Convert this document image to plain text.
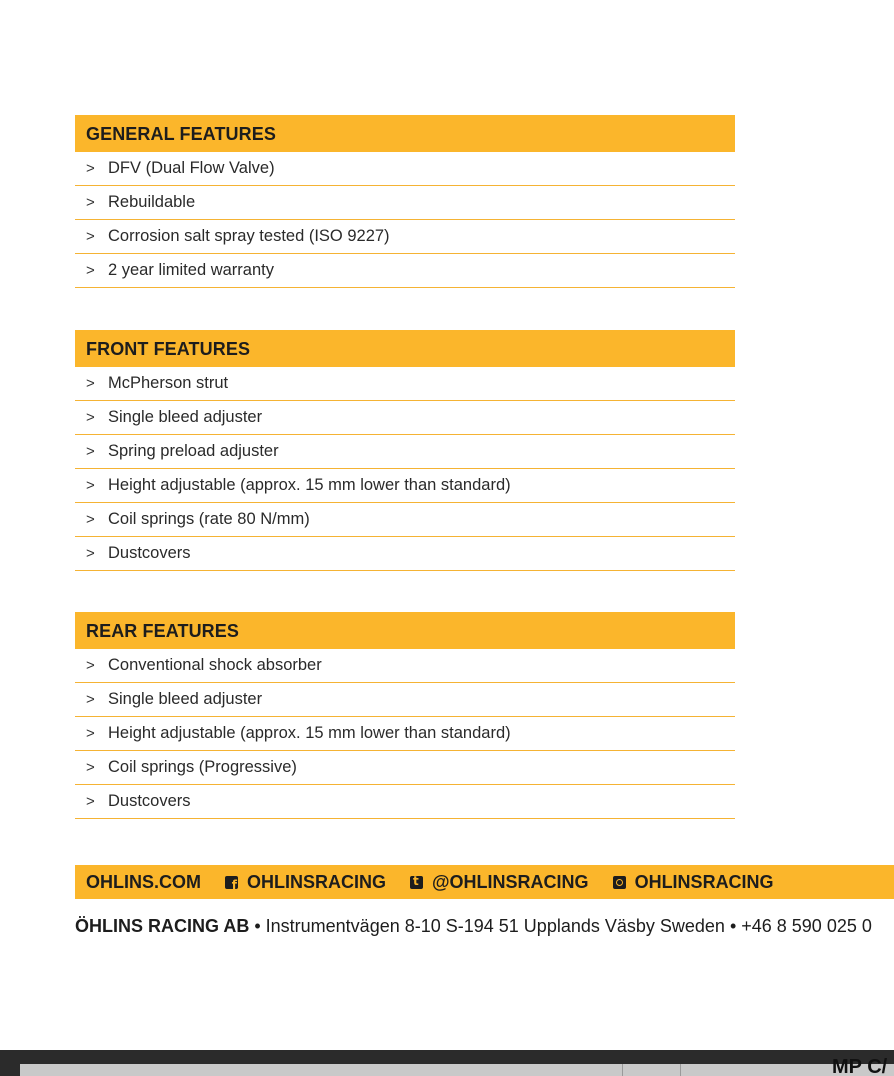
GENERAL FEATURES
> DFV (Dual Flow Valve)
> Rebuildable
> Corrosion salt spray tested (ISO 9227)
> 2 year limited warranty
FRONT FEATURES
> McPherson strut
> Single bleed adjuster
> Spring preload adjuster
> Height adjustable (approx. 15 mm lower than standard)
> Coil springs (rate 80 N/mm)
> Dustcovers
REAR FEATURES
> Conventional shock absorber
> Single bleed adjuster
> Height adjustable (approx. 15 mm lower than standard)
> Coil springs (Progressive)
> Dustcovers
OHLINS.COM f	OHLINSRACING t	@OHLINSRACING	OHLINSRACING
ÖHLINS RACING AB • Instrumentvägen 8-10 S-194 51 Upplands Väsby Sweden • +46 8 590 025 0
MP C/
